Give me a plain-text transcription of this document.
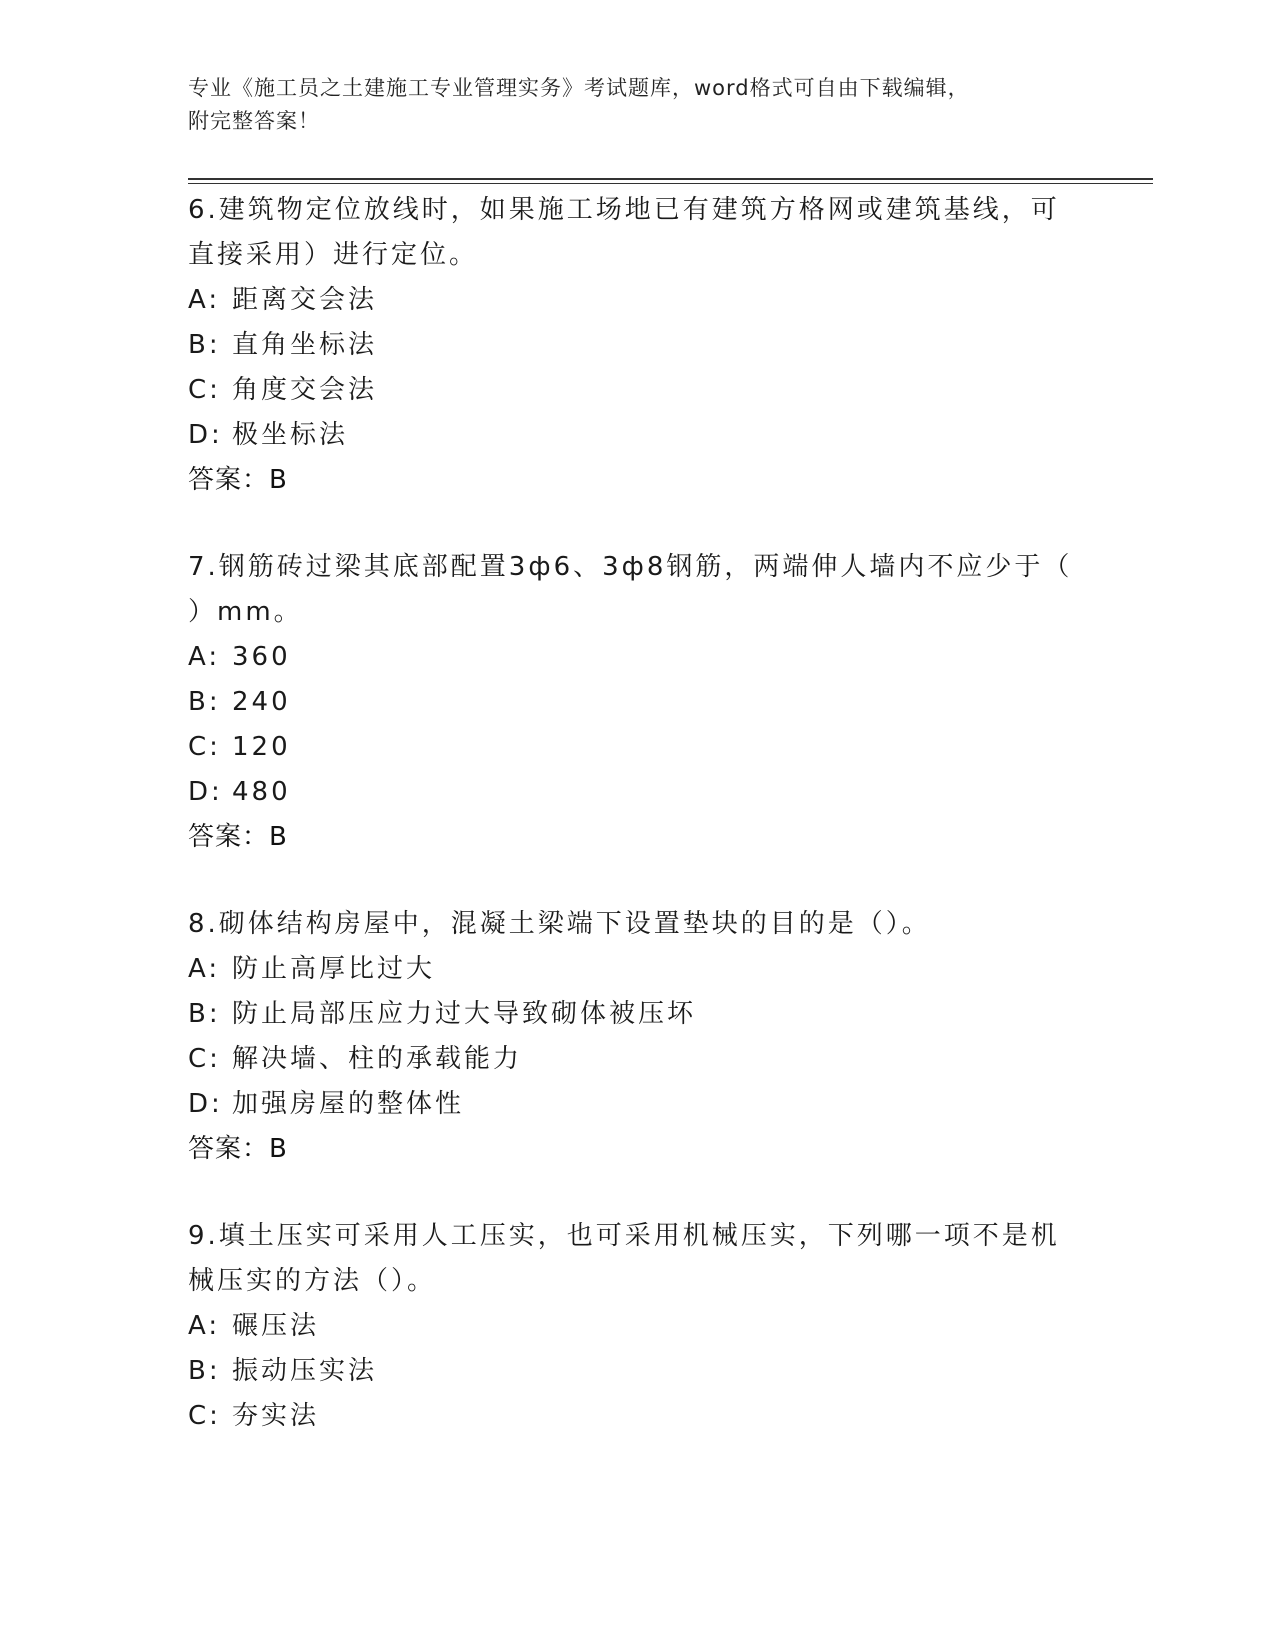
专业《施工员之土建施工专业管理实务》考试题库，word格式可自由下载编辑，
附完整答案！
6.建筑物定位放线时，如果施工场地已有建筑方格网或建筑基线，可
直接采用）进行定位。
A: 距离交会法
B: 直角坐标法
C: 角度交会法
D: 极坐标法
答案：B
7.钢筋砖过梁其底部配置3ф6、3ф8钢筋，两端伸人墙内不应少于（
）mm。
A: 360
B: 240
C: 120
D: 480
答案：B
8.砌体结构房屋中，混凝土梁端下设置垫块的目的是（）。
A: 防止高厚比过大
B: 防止局部压应力过大导致砌体被压坏
C: 解决墙、柱的承载能力
D: 加强房屋的整体性
答案：B
9.填土压实可采用人工压实，也可采用机械压实，下列哪一项不是机
械压实的方法（）。
A: 碾压法
B: 振动压实法
C: 夯实法
